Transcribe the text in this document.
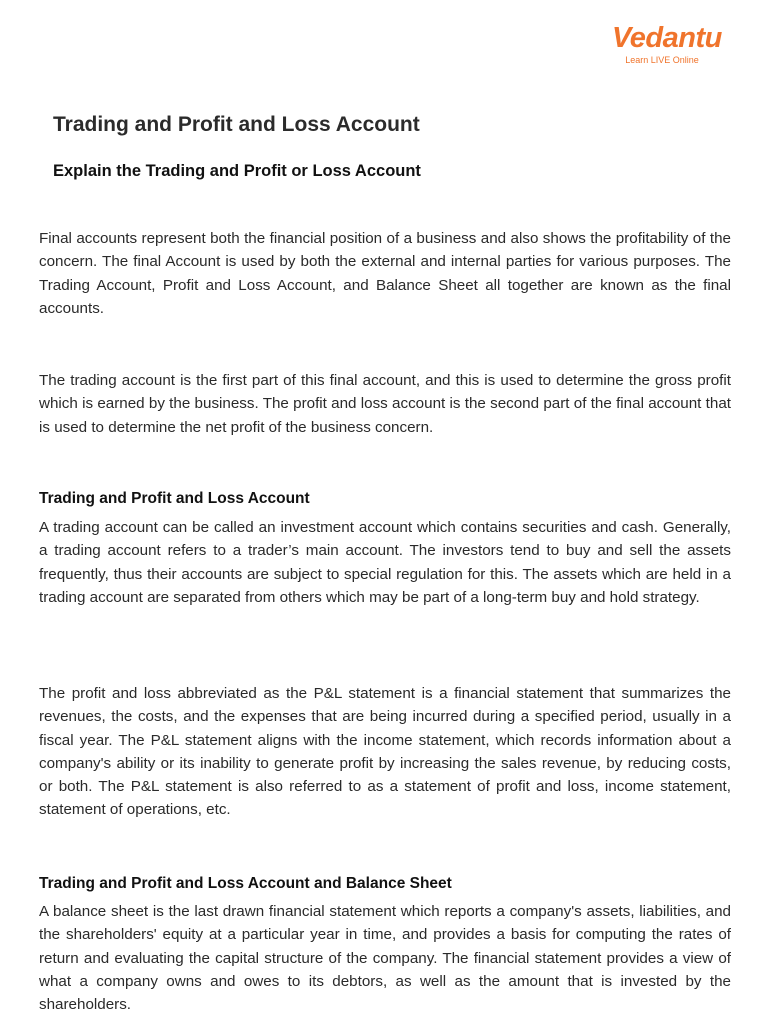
Vedantu
Learn LIVE Online
Trading and Profit and Loss Account
Explain the Trading and Profit or Loss Account

Final accounts represent both the financial position of a business and also shows the profitability of the concern. The final Account is used by both the external and internal parties for various purposes. The Trading Account, Profit and Loss Account, and Balance Sheet all together are known as the final accounts.

The trading account is the first part of this final account, and this is used to determine the gross profit which is earned by the business. The profit and loss account is the second part of the final account that is used to determine the net profit of the business concern.

Trading and Profit and Loss Account

A trading account can be called an investment account which contains securities and cash. Generally, a trading account refers to a trader’s main account. The investors tend to buy and sell the assets frequently, thus their accounts are subject to special regulation for this. The assets which are held in a trading account are separated from others which may be part of a long-term buy and hold strategy.

The profit and loss abbreviated as the P&L statement is a financial statement that summarizes the revenues, the costs, and the expenses that are being incurred during a specified period, usually in a fiscal year. The P&L statement aligns with the income statement, which records information about a company's ability or its inability to generate profit by increasing the sales revenue, by reducing costs, or both. The P&L statement is also referred to as a statement of profit and loss, income statement, statement of operations, etc.

Trading and Profit and Loss Account and Balance Sheet

A balance sheet is the last drawn financial statement which reports a company's assets, liabilities, and the shareholders' equity at a particular year in time, and provides a basis for computing the rates of return and evaluating the capital structure of the company. The financial statement provides a view of what a company owns and owes to its debtors, as well as the amount that is invested by the shareholders.
